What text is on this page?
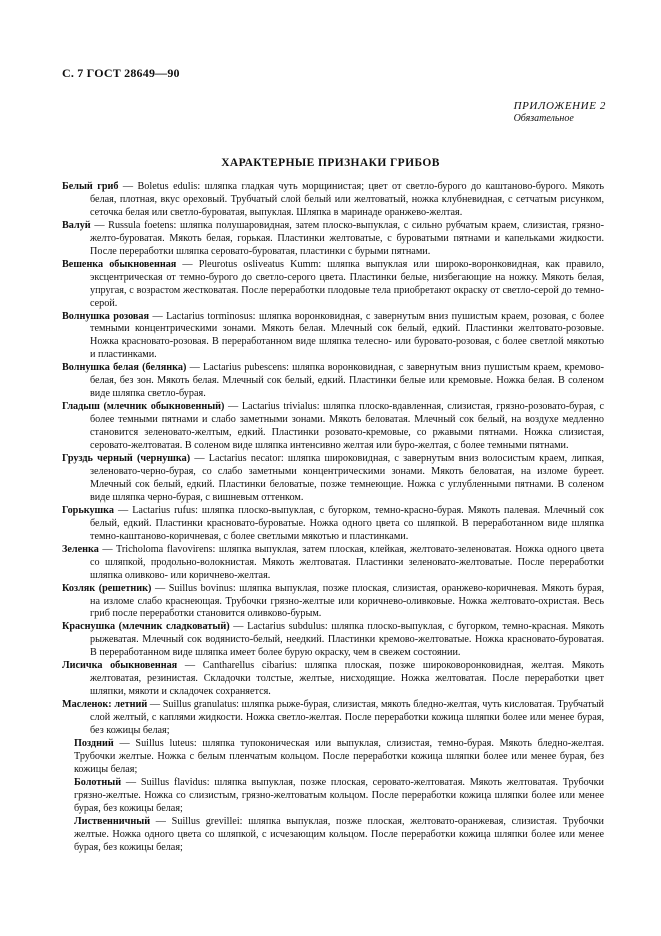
С. 7 ГОСТ 28649—90
ПРИЛОЖЕНИЕ 2
Обязательное
ХАРАКТЕРНЫЕ ПРИЗНАКИ ГРИБОВ

Белый гриб — Boletus edulis: шляпка гладкая чуть морщинистая; цвет от светло-бурого до каштаново-бурого. Мякоть белая, плотная, вкус ореховый. Трубчатый слой белый или желтоватый, ножка клубневидная, с сетчатым рисунком, сеточка белая или светло-буроватая, выпуклая. Шляпка в маринаде оранжево-желтая.

Валуй — Russula foetens: шляпка полушаровидная, затем плоско-выпуклая, с сильно рубчатым краем, слизистая, грязно-желто-буроватая. Мякоть белая, горькая. Пластинки желтоватые, с буроватыми пятнами и капельками жидкости. После переработки шляпка серовато-буроватая, пластинки с бурыми пятнами.

Вешенка обыкновенная — Pleurotus osliveatus Kumm: шляпка выпуклая или широко-воронковидная, как правило, эксцентрическая от темно-бурого до светло-серого цвета. Пластинки белые, низбегающие на ножку. Мякоть белая, упругая, с возрастом жестковатая. После переработки плодовые тела приобретают окраску от светло-серой до темно-серой.

Волнушка розовая — Lactarius torminosus: шляпка воронковидная, с завернутым вниз пушистым краем, розовая, с более темными концентрическими зонами. Мякоть белая. Млечный сок белый, едкий. Пластинки желтовато-розовые. Ножка красновато-розовая. В переработанном виде шляпка телесно- или буровато-розовая, с более светлой мякотью и пластинками.

Волнушка белая (белянка) — Lactarius pubescens: шляпка воронковидная, с завернутым вниз пушистым краем, кремово-белая, без зон. Мякоть белая. Млечный сок белый, едкий. Пластинки белые или кремовые. Ножка белая. В соленом виде шляпка светло-бурая.

Гладыш (млечник обыкновенный) — Lactarius trivialus: шляпка плоско-вдавленная, слизистая, грязно-розовато-бурая, с более темными пятнами и слабо заметными зонами. Мякоть беловатая. Млечный сок белый, на воздухе медленно становится зеленовато-желтым, едкий. Пластинки розовато-кремовые, со ржавыми пятнами. Ножка слизистая, серовато-желтоватая. В соленом виде шляпка интенсивно желтая или буро-желтая, с более темными пятнами.

Груздь черный (чернушка) — Lactarius necator: шляпка широковидная, с завернутым вниз волосистым краем, липкая, зеленовато-черно-бурая, со слабо заметными концентрическими зонами. Мякоть беловатая, на изломе буреет. Млечный сок белый, едкий. Пластинки беловатые, позже темнеющие. Ножка с углубленными пятнами. В соленом виде шляпка черно-бурая, с вишневым оттенком.

Горькушка — Lactarius rufus: шляпка плоско-выпуклая, с бугорком, темно-красно-бурая. Мякоть палевая. Млечный сок белый, едкий. Пластинки красновато-буроватые. Ножка одного цвета со шляпкой. В переработанном виде шляпка темно-каштаново-коричневая, с более светлыми мякотью и пластинками.

Зеленка — Tricholoma flavovirens: шляпка выпуклая, затем плоская, клейкая, желтовато-зеленоватая. Ножка одного цвета со шляпкой, продольно-волокнистая. Мякоть желтоватая. Пластинки зеленовато-желтоватые. После переработки шляпка оливково- или коричнево-желтая.

Козляк (решетник) — Suillus bovinus: шляпка выпуклая, позже плоская, слизистая, оранжево-коричневая. Мякоть бурая, на изломе слабо краснеющая. Трубочки грязно-желтые или коричнево-оливковые. Ножка желтовато-охристая. Весь гриб после переработки становится оливково-бурым.

Краснушка (млечник сладковатый) — Lactarius subdulus: шляпка плоско-выпуклая, с бугорком, темно-красная. Мякоть рыжеватая. Млечный сок водянисто-белый, неедкий. Пластинки кремово-желтоватые. Ножка красновато-буроватая. В переработанном виде шляпка имеет более бурую окраску, чем в свежем состоянии.

Лисичка обыкновенная — Cantharellus cibarius: шляпка плоская, позже широковоронковидная, желтая. Мякоть желтоватая, резинистая. Складочки толстые, желтые, нисходящие. Ножка желтоватая. После переработки цвет шляпки, мякоти и складочек сохраняется.

Масленок: летний — Suillus granulatus: шляпка рыже-бурая, слизистая, мякоть бледно-желтая, чуть кисловатая. Трубчатый слой желтый, с каплями жидкости. Ножка светло-желтая. После переработки кожица шляпки более или менее бурая, без кожицы белая;

Поздний — Suillus luteus: шляпка тупоконическая или выпуклая, слизистая, темно-бурая. Мякоть бледно-желтая. Трубочки желтые. Ножка с белым пленчатым кольцом. После переработки кожица шляпки более или менее бурая, без кожицы белая;

Болотный — Suillus flavidus: шляпка выпуклая, позже плоская, серовато-желтоватая. Мякоть желтоватая. Трубочки грязно-желтые. Ножка со слизистым, грязно-желтоватым кольцом. После переработки кожица шляпки более или менее бурая, без кожицы белая;

Лиственничный — Suillus grevillei: шляпка выпуклая, позже плоская, желтовато-оранжевая, слизистая. Трубочки желтые. Ножка одного цвета со шляпкой, с исчезающим кольцом. После переработки кожица шляпки более или менее бурая, без кожицы белая;
